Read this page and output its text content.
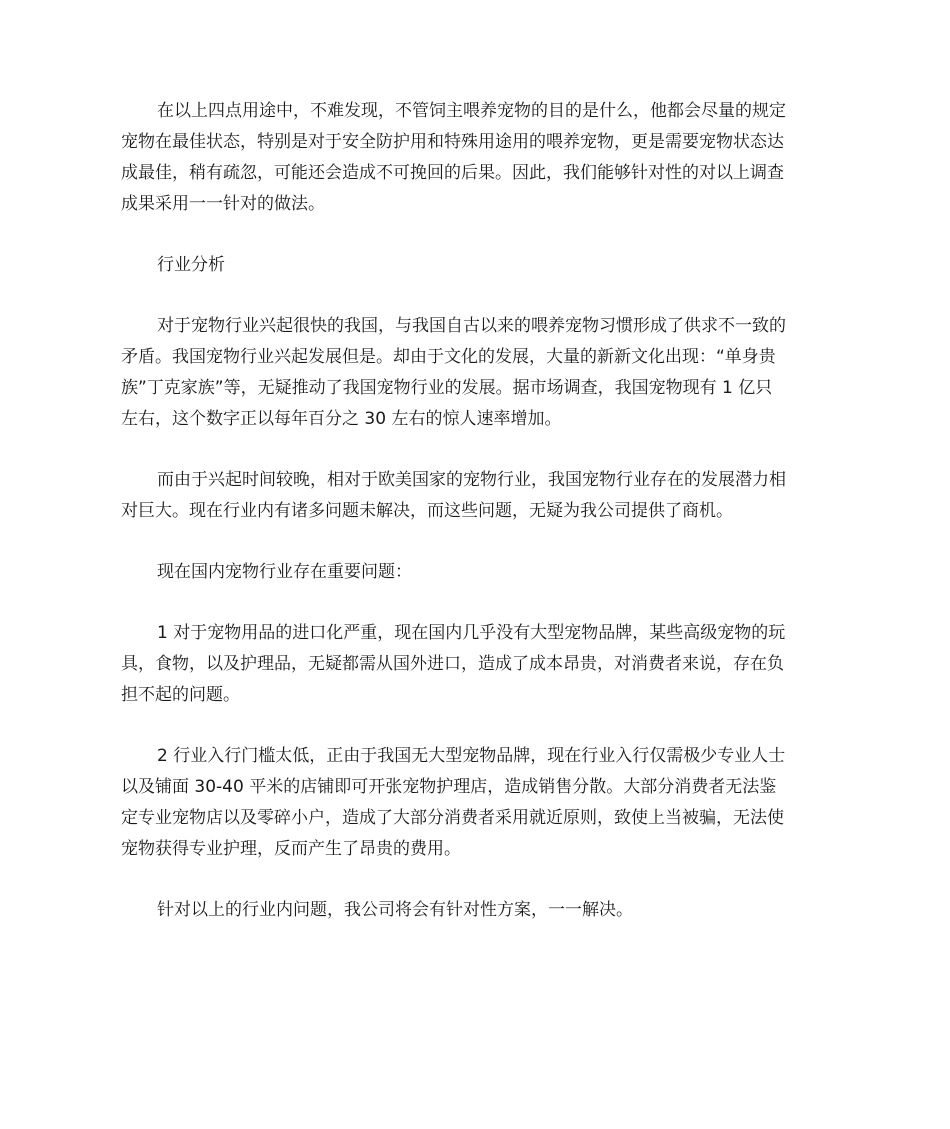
在以上四点用途中，不难发现，不管饲主喂养宠物的目的是什么，他都会尽量的规定
宠物在最佳状态，特别是对于安全防护用和特殊用途用的喂养宠物，更是需要宠物状态达
成最佳，稍有疏忽，可能还会造成不可挽回的后果。因此，我们能够针对性的对以上调查
成果采用一一针对的做法。

行业分析

对于宠物行业兴起很快的我国，与我国自古以来的喂养宠物习惯形成了供求不一致的
矛盾。我国宠物行业兴起发展但是。却由于文化的发展，大量的新新文化出现：“单身贵
族”丁克家族”等，无疑推动了我国宠物行业的发展。据市场调查，我国宠物现有 1 亿只
左右，这个数字正以每年百分之 30 左右的惊人速率增加。

而由于兴起时间较晚，相对于欧美国家的宠物行业，我国宠物行业存在的发展潜力相
对巨大。现在行业内有诸多问题未解决，而这些问题，无疑为我公司提供了商机。

现在国内宠物行业存在重要问题：

1 对于宠物用品的进口化严重，现在国内几乎没有大型宠物品牌，某些高级宠物的玩
具，食物，以及护理品，无疑都需从国外进口，造成了成本昂贵，对消费者来说，存在负
担不起的问题。

2 行业入行门槛太低，正由于我国无大型宠物品牌，现在行业入行仅需极少专业人士
以及铺面 30-40 平米的店铺即可开张宠物护理店，造成销售分散。大部分消费者无法鉴
定专业宠物店以及零碎小户，造成了大部分消费者采用就近原则，致使上当被骗，无法使
宠物获得专业护理，反而产生了昂贵的费用。

针对以上的行业内问题，我公司将会有针对性方案，一一解决。
